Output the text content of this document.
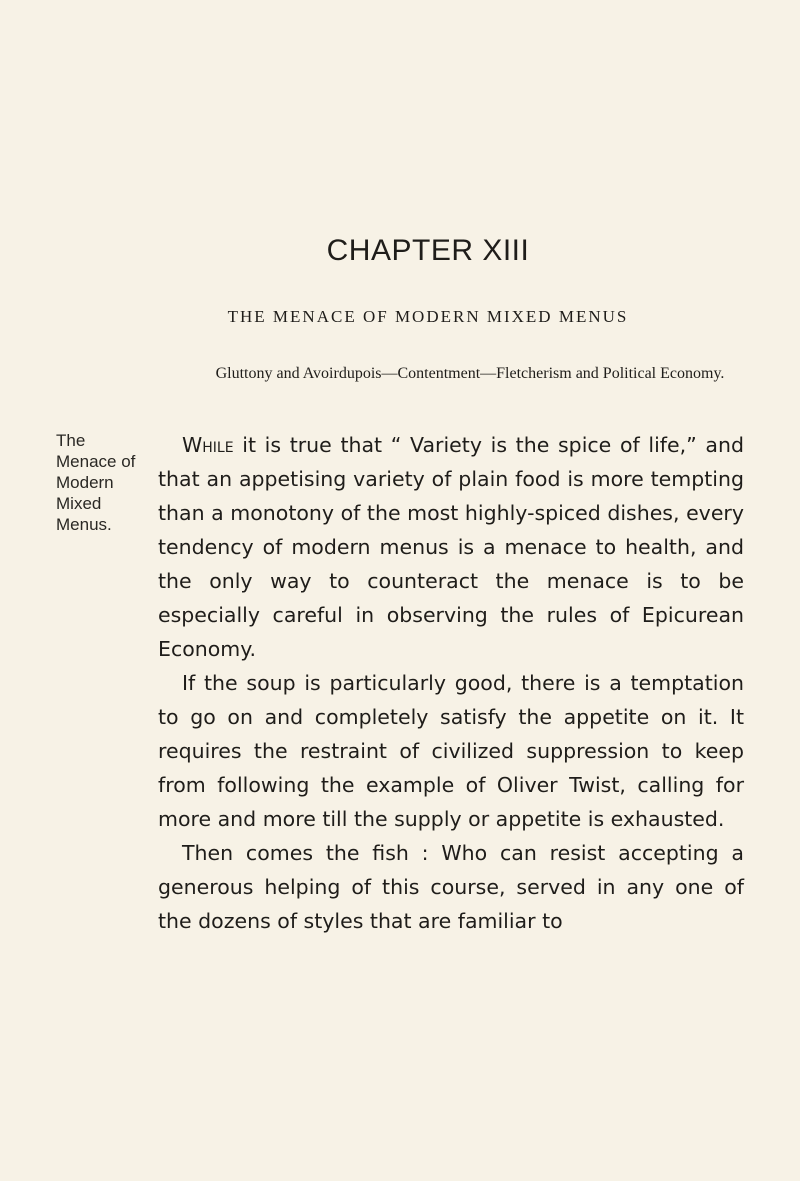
CHAPTER XIII
THE MENACE OF MODERN MIXED MENUS

Gluttony and Avoirdupois—Contentment—Fletcherism and Political Economy.

The
Menace of
Modern
Mixed
Menus.

While it is true that “ Variety is the spice of life,” and that an appetising variety of plain food is more tempting than a monotony of the most highly-spiced dishes, every tendency of modern menus is a menace to health, and the only way to counteract the menace is to be especially careful in observing the rules of Epicurean Economy.

If the soup is particularly good, there is a temptation to go on and completely satisfy the appetite on it. It requires the restraint of civilized suppression to keep from following the example of Oliver Twist, calling for more and more till the supply or appetite is exhausted.

Then comes the fish : Who can resist accepting a generous helping of this course, served in any one of the dozens of styles that are familiar to
